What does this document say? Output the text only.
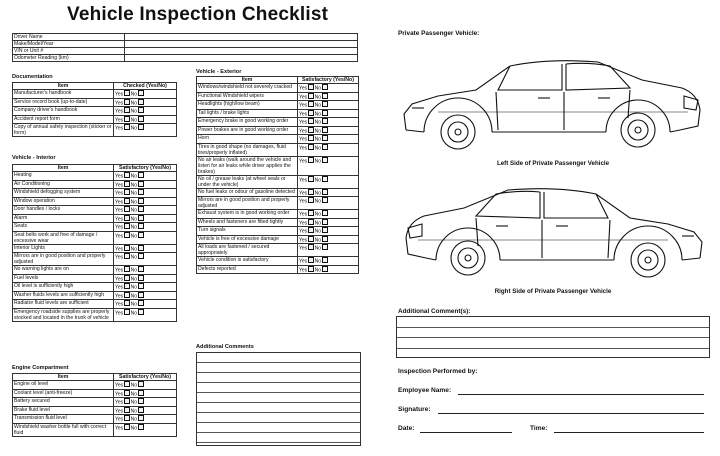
Vehicle Inspection Checklist
Driver Name	
Make/Model/Year	
VIN or Unit #	
Odometer Reading (km)	
Documentation
Item	Checked (Yes/No)
Manufacturer's handbook	Yes No
Service record book (up-to-date)	Yes No
Company driver's handbook	Yes No
Accident report form	Yes No
Copy of annual safety inspection (sticker or form)	Yes No
Vehicle - Interior
Item	Satisfactory (Yes/No)
Heating	Yes No
Air Conditioning	Yes No
Windshield defogging system	Yes No
Window operation	Yes No
Door handles / locks	Yes No
Alarm	Yes No
Seats	Yes No
Seat belts work and free of damage / excessive wear	Yes No
Interior Lights	Yes No
Mirrors are in good position and properly adjusted	Yes No
No warning lights are on	Yes No
Fuel levels	Yes No
Oil level is sufficiently high	Yes No
Washer fluids levels are sufficiently high	Yes No
Radiator fluid levels are sufficient	Yes No
Emergency roadside supplies are properly stocked and located in the trunk of vehicle	Yes No
Engine Compartment
Item	Satisfactory (Yes/No)
Engine oil level	Yes No
Coolant level (anti-freeze)	Yes No
Battery secured	Yes No
Brake fluid level	Yes No
Transmission fluid level	Yes No
Windshield washer bottle full with correct fluid	Yes No
Vehicle - Exterior
Item	Satisfactory (Yes/No)
Windows/windshield not severely cracked	Yes No
Functional Windshield wipers	Yes No
Headlights (high/low beam)	Yes No
Tail lights / brake lights	Yes No
Emergency brake in good working order	Yes No
Power brakes are in good working order	Yes No
Horn	Yes No
Tires in good shape (no damages, fluid tires/properly inflated)	Yes No
No air leaks (walk around the vehicle and listen for air leaks while driver applies the brakes)	Yes No
No oil / grease leaks (at wheel seals or under the vehicle)	Yes No
No fuel leaks or odour of gasoline detected	Yes No
Mirrors are in good position and properly adjusted	Yes No
Exhaust system is in good working order	Yes No
Wheels and fasteners are fitted tightly	Yes No
Turn signals	Yes No
Vehicle is free of excessive damage	Yes No
All loads are fastened / secured appropriately	Yes No
Vehicle condition is satisfactory	Yes No
Defects reported	Yes No
Additional Comments
Private Passenger Vehicle:
Left Side of Private Passenger Vehicle
Right Side of Private Passenger Vehicle
Additional Comment(s):
Inspection Performed by:
Employee Name:
Signature:
Date:	Time:
